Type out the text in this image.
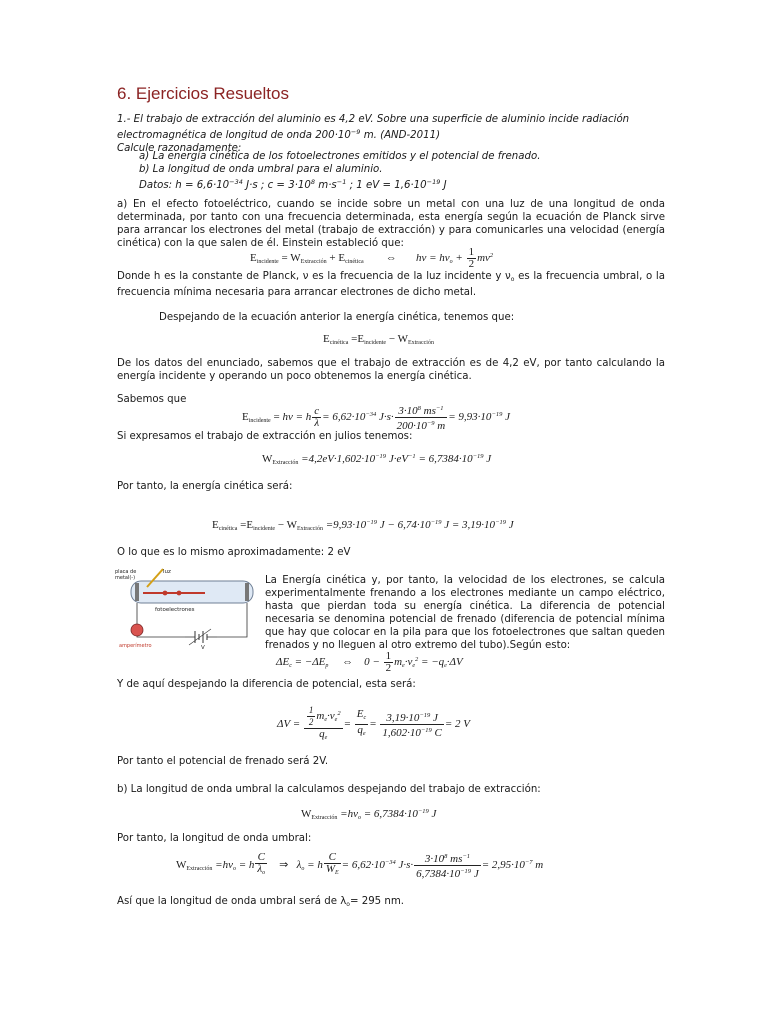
6. Ejercicios Resueltos
1.- El trabajo de extracción del aluminio es 4,2 eV. Sobre una superficie de aluminio incide radiación
electromagnética de longitud de onda $200\cdot 10^{-9}$ m. (AND-2011)
Calcule razonadamente:
a) La energía cinética de los fotoelectrones emitidos y el potencial de frenado.
b) La longitud de onda umbral para el aluminio.
Datos: $h = 6,6\cdot 10^{-34}$ J·s ; $c = 3\cdot 10^8$ $m\cdot s^{-1}$ ; 1 eV = $1,6\cdot 10^{-19}$ J
a) En el efecto fotoeléctrico, cuando se incide sobre un metal con una luz de una longitud de onda determinada, por tanto con una frecuencia determinada, esta energía según la ecuación de Planck sirve para arrancar los electrones del metal (trabajo de extracción) y para comunicarles una velocidad (energía cinética) con la que salen de él. Einstein estableció que:
Eincidente = WExtracción + Ecinética        ⇔       $h\nu = h\nu o + \frac{1}{2} mv^2$
Donde h es la constante de Planck, ν es la frecuencia de la luz incidente y $\nu_o$ es la frecuencia umbral, o la frecuencia mínima necesaria para arrancar electrones de dicho metal.
Despejando de la ecuación anterior la energía cinética, tenemos que:
Ecinética =Eincidente − WExtracción
De los datos del enunciado, sabemos que el trabajo de extracción es de 4,2 eV, por tanto calculando la energía incidente y operando un poco obtenemos la energía cinética.
Sabemos que
Eincidente = hν = h $\frac{c}{\lambda} = 6,62\cdot 10^{-34}$ $J\cdot s\cdot \frac{3\cdot 10^8 ms^{-1}}{200\cdot 10^{-9} m} = 9,93\cdot 10^{-19}$ J
Si expresamos el trabajo de extracción en julios tenemos:
WExtracción $=4,2eV\cdot 1,602\cdot 10^{-19}$ $J\cdot eV^{-1} = 6,7384\cdot 10^{-19}$ J
Por tanto, la energía cinética será:
Ecinética =Eincidente − WExtracción $=9,93\cdot 10^{-19}$ $J - 6,74\cdot 10^{-19}$ $J = 3,19\cdot 10^{-19}$ J
O lo que es lo mismo aproximadamente: 2 eV
luz
placa de
metal(-)
fotoelectrones
amperímetro	V
La Energía cinética y, por tanto, la velocidad de los electrones, se calcula experimentalmente frenando a los electrones mediante un campo eléctrico, hasta que pierdan toda su energía cinética. La diferencia de potencial necesaria se denomina potencial de frenado (diferencia de potencial mínima que hay que colocar en la pila para que los fotoelectrones que saltan queden frenados y no lleguen al otro extremo del tubo).Según esto:
ΔEc = −ΔEp     ⇔    $0 - \frac{1}{2} me\cdot ve^2 = -qe\cdot\Delta V$
Y de aquí despejando la diferencia de potencial, esta será:
$\Delta V = \frac{\frac{1}{2} me\cdot ve^2}{qe} = \frac{Ec}{qe} = \frac{3,19\cdot 10^{-19} J}{1,602\cdot 10^{-19} C} = 2$ V
Por tanto el potencial de frenado será 2V.
b) La longitud de onda umbral la calculamos despejando del trabajo de extracción:
WExtracción $=h\nu o = 6,7384\cdot 10^{-19}$ J
Por tanto, la longitud de onda umbral:
WExtracción =hνo = h $\frac{C}{\lambda o}$ ⇒   λo = h $\frac{C}{WE} = 6,62\cdot 10^{-34}$ $J\cdot s\cdot \frac{3\cdot 10^8 ms^{-1}}{6,7384\cdot 10^{-19} J} = 2,95\cdot 10^{-7}$ m
Así que la longitud de onda umbral será de $\lambda_o= 295$ nm.
